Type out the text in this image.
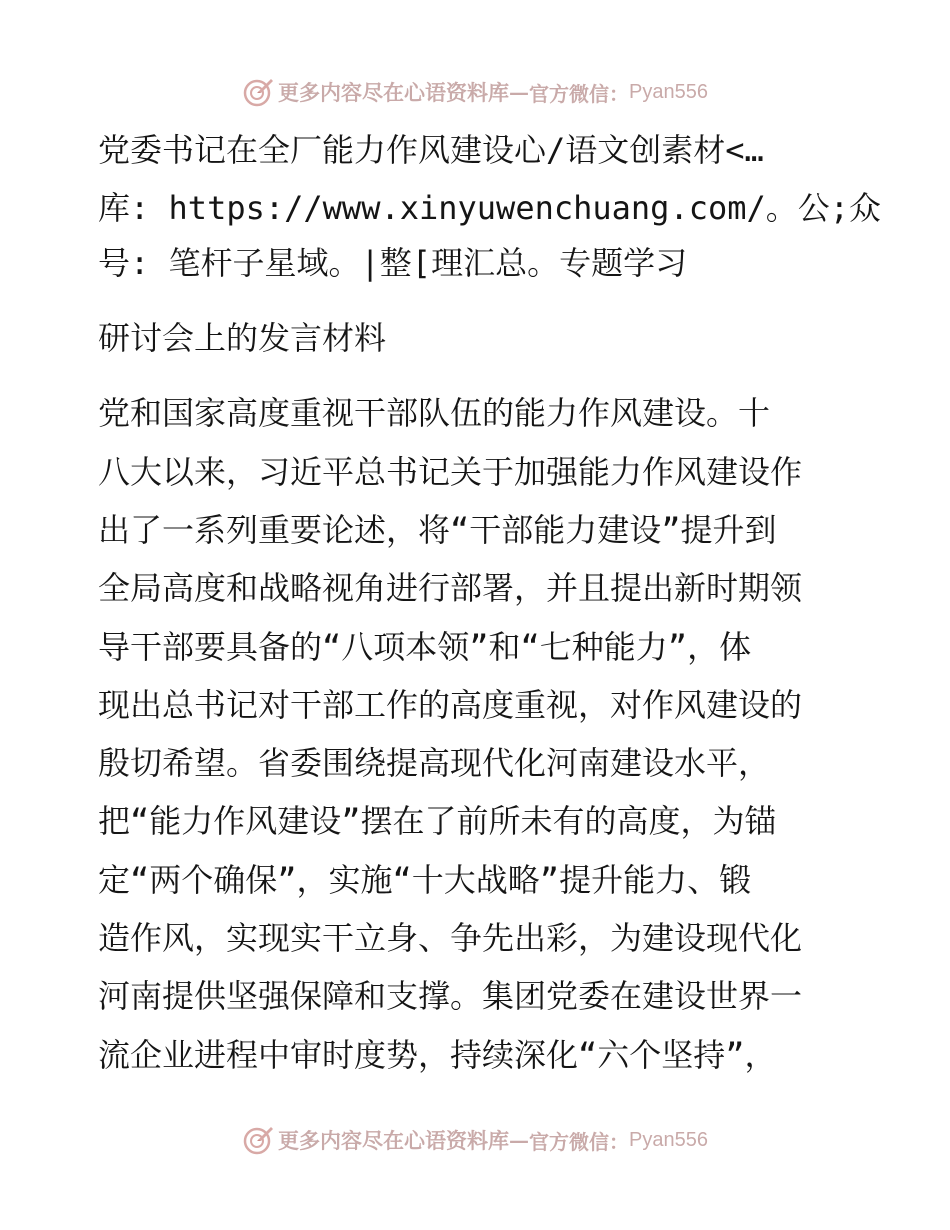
更多内容尽在心语资料库 — 官方微信： Pyan556
党委书记在全厂能力作风建设心/语文创素材<…
库: https://www.xinyuwenchuang.com/。公;众
号: 笔杆子星域。|整[理汇总。专题学习
研讨会上的发言材料
党和国家高度重视干部队伍的能力作风建设。十
八大以来，习近平总书记关于加强能力作风建设作
出了一系列重要论述，将“干部能力建设”提升到
全局高度和战略视角进行部署，并且提出新时期领
导干部要具备的“八项本领”和“七种能力”，体
现出总书记对干部工作的高度重视，对作风建设的
殷切希望。省委围绕提高现代化河南建设水平，
把“能力作风建设”摆在了前所未有的高度，为锚
定“两个确保”，实施“十大战略”提升能力、锻
造作风，实现实干立身、争先出彩，为建设现代化
河南提供坚强保障和支撑。集团党委在建设世界一
流企业进程中审时度势，持续深化“六个坚持”，
更多内容尽在心语资料库 — 官方微信： Pyan556
